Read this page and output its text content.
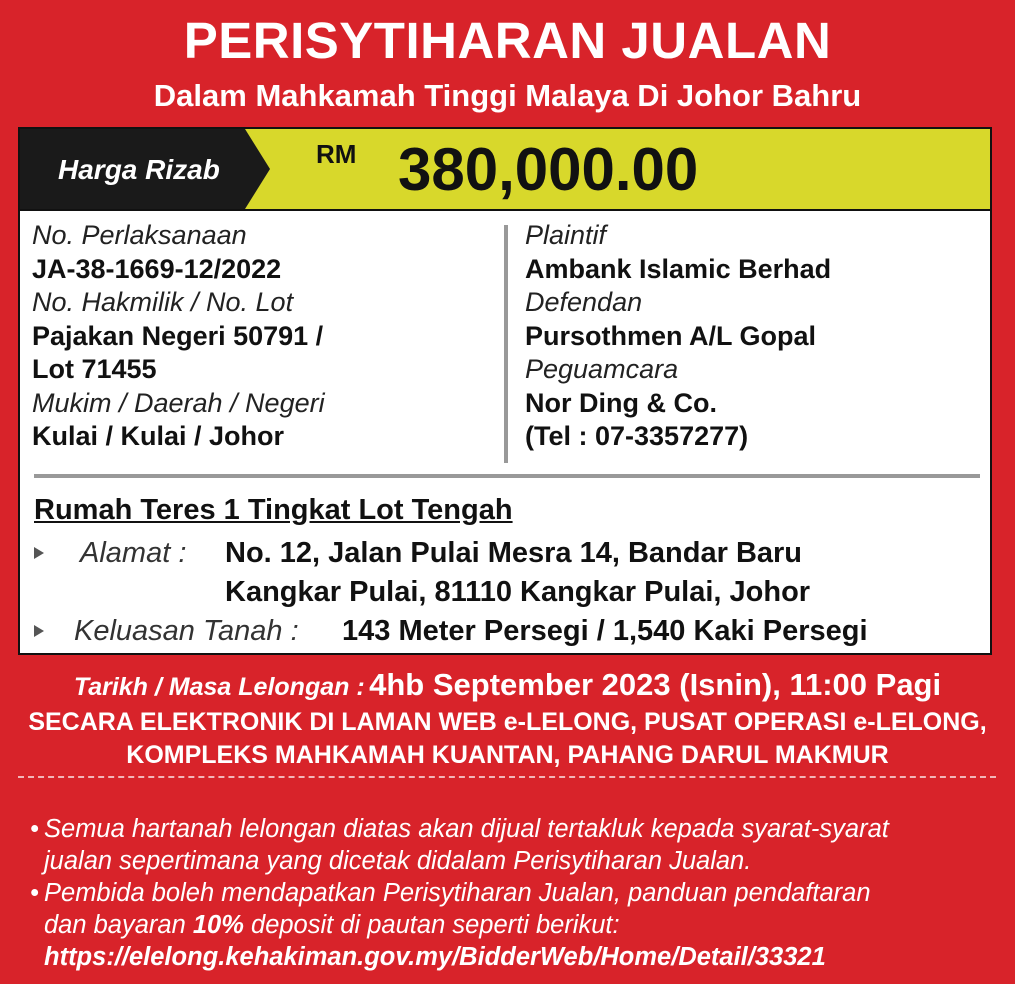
PERISYTIHARAN JUALAN
Dalam Mahkamah Tinggi Malaya Di Johor Bahru
Harga Rizab	RM 380,000.00
No. Perlaksanaan
JA-38-1669-12/2022
No. Hakmilik / No. Lot
Pajakan Negeri 50791 /
Lot 71455
Mukim / Daerah / Negeri
Kulai / Kulai / Johor
Plaintif
Ambank Islamic Berhad
Defendan
Pursothmen A/L Gopal
Peguamcara
Nor Ding & Co.
(Tel : 07-3357277)
Rumah Teres 1 Tingkat Lot Tengah
Alamat : No. 12, Jalan Pulai Mesra 14, Bandar Baru
Kangkar Pulai, 81110 Kangkar Pulai, Johor
Keluasan Tanah : 143 Meter Persegi / 1,540 Kaki Persegi
Tarikh / Masa Lelongan : 4hb September 2023 (Isnin), 11:00 Pagi
SECARA ELEKTRONIK DI LAMAN WEB e-LELONG, PUSAT OPERASI e-LELONG,
KOMPLEKS MAHKAMAH KUANTAN, PAHANG DARUL MAKMUR
• Semua hartanah lelongan diatas akan dijual tertakluk kepada syarat-syarat
jualan sepertimana yang dicetak didalam Perisytiharan Jualan.
• Pembida boleh mendapatkan Perisytiharan Jualan, panduan pendaftaran
dan bayaran 10% deposit di pautan seperti berikut:
https://elelong.kehakiman.gov.my/BidderWeb/Home/Detail/33321
